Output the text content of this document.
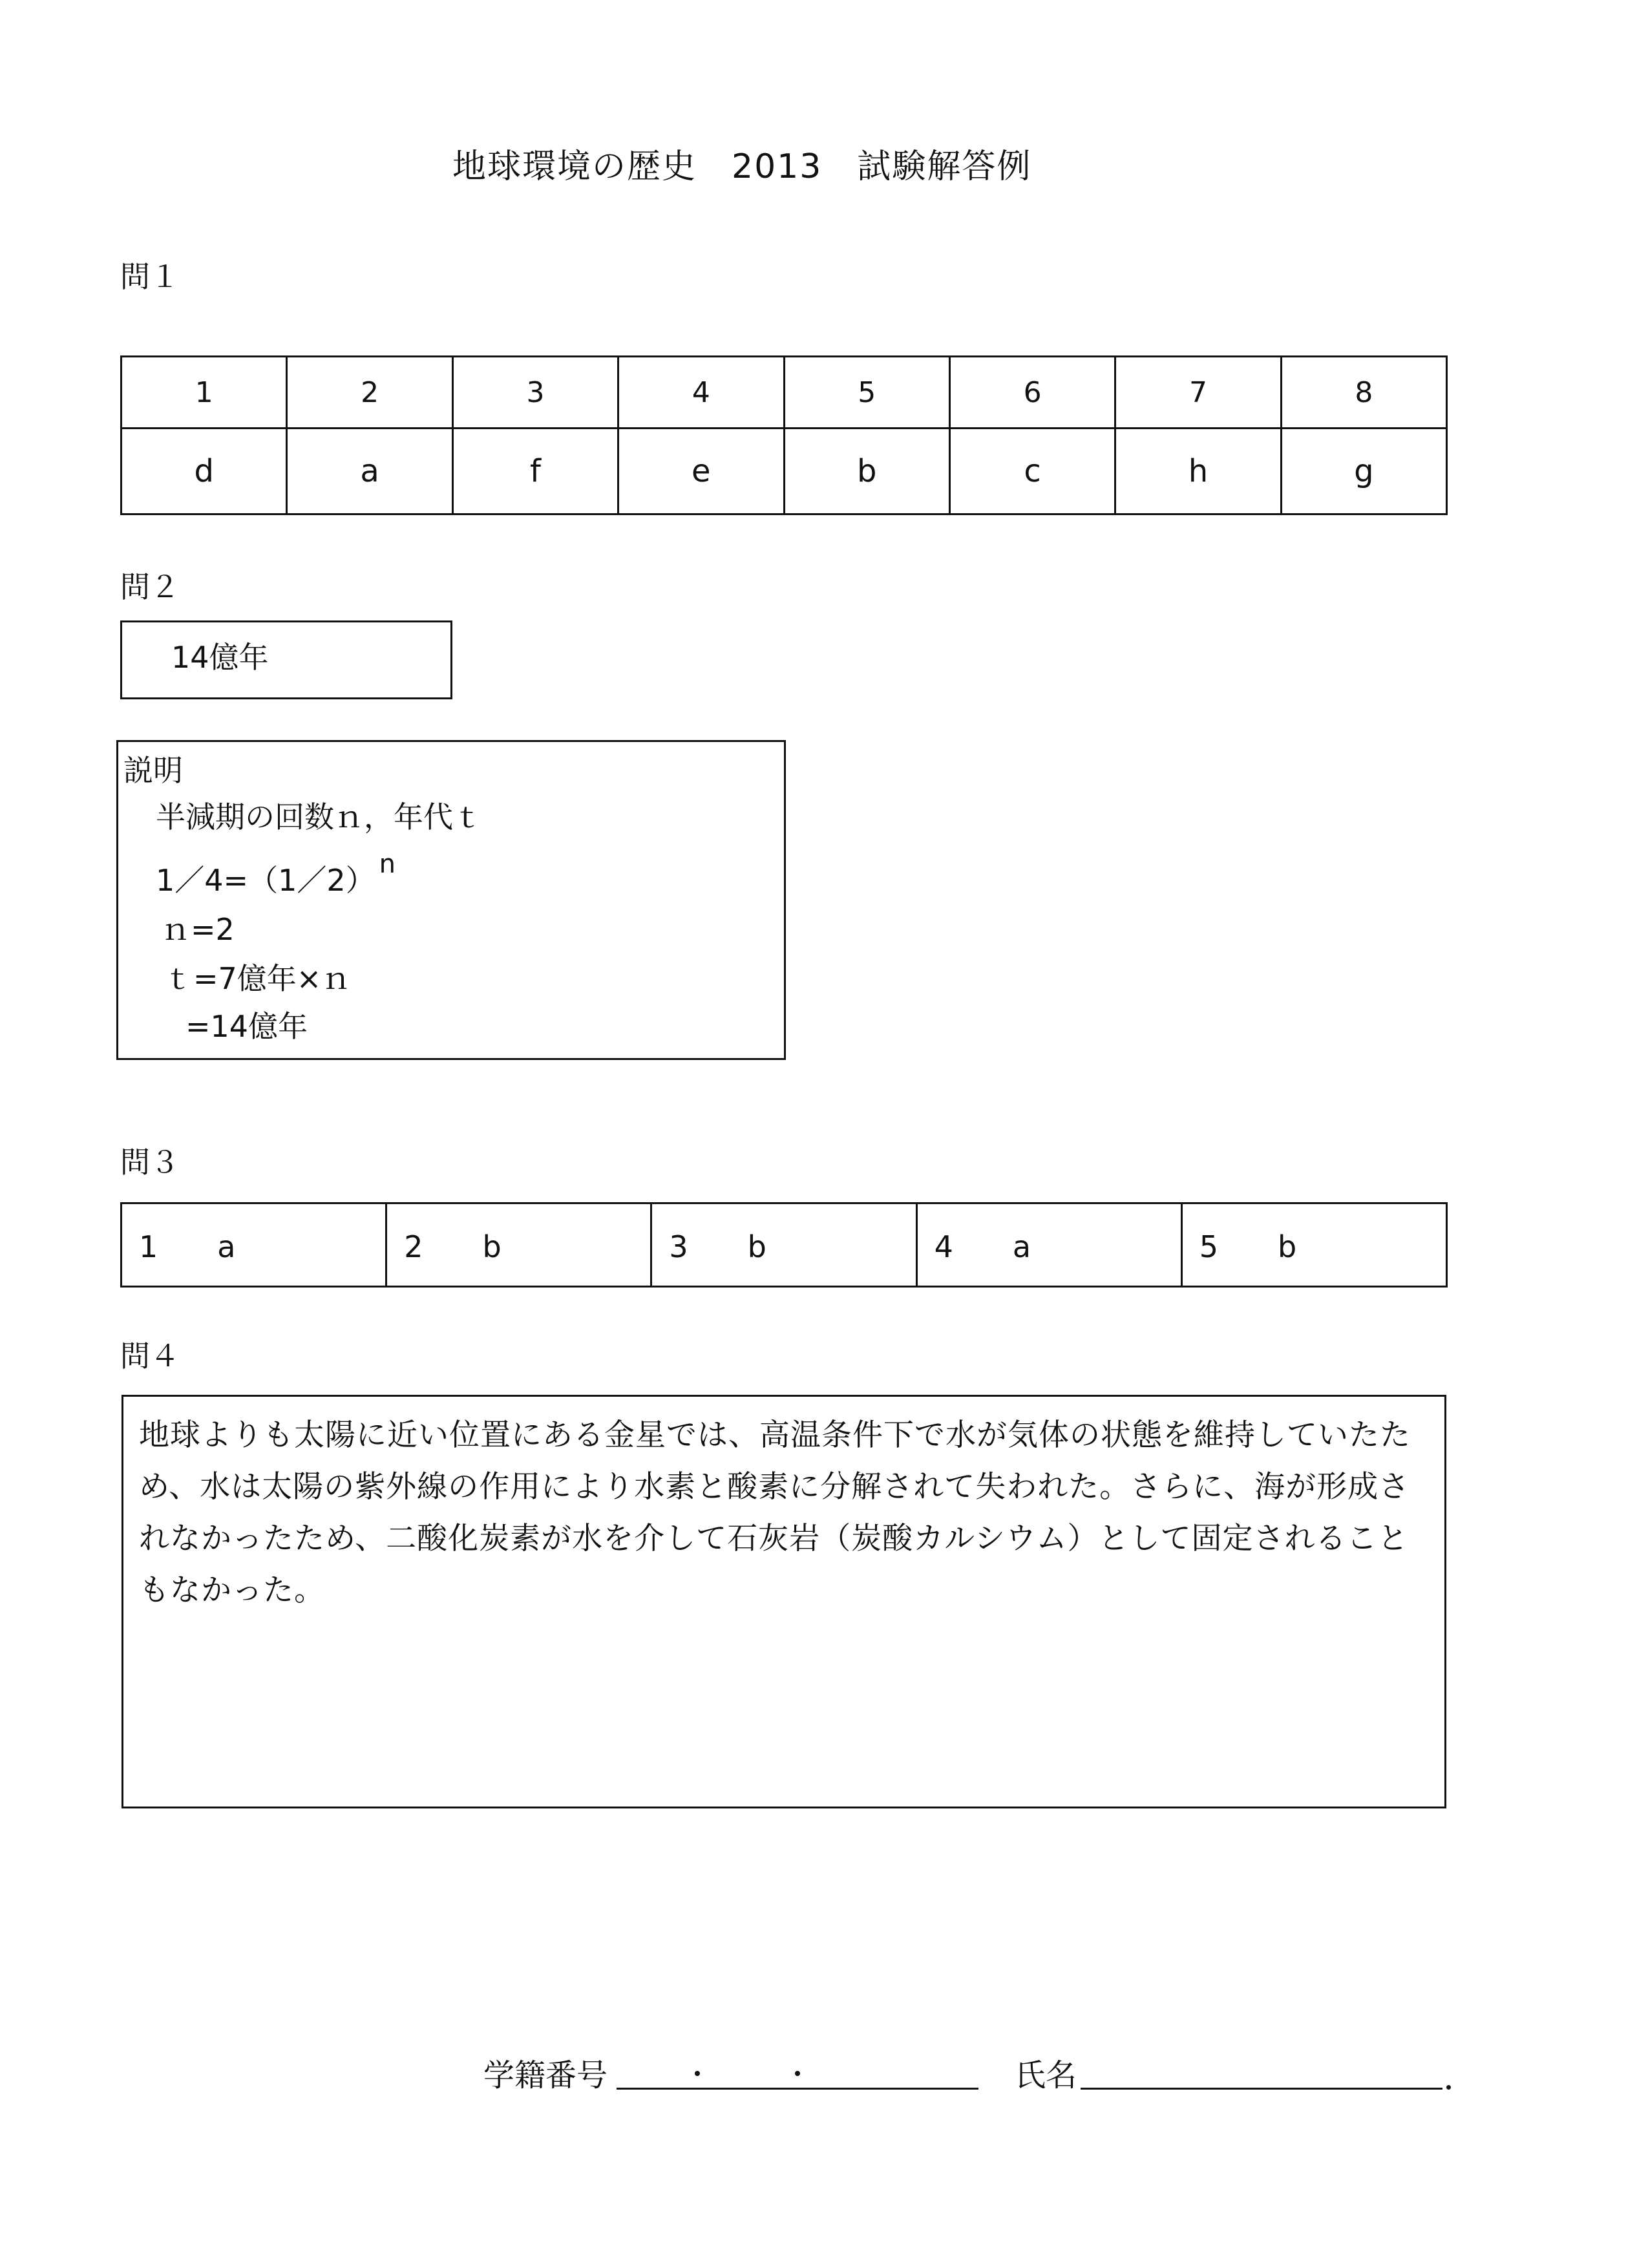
地球環境の歴史　2013　試験解答例
問１
1	2	3	4	5	6	7	8
d	a	f	e	b	c	h	g
問２
14億年
説明
半減期の回数ｎ，年代ｔ
1／4=（1／2） n
ｎ=2
ｔ=7億年×ｎ
=14億年
問３
1　　a	2　　b	3　　b	4　　a	5　　b
問４
地球よりも太陽に近い位置にある金星では、高温条件下で水が気体の状態を維持していたため、水は太陽の紫外線の作用により水素と酸素に分解されて失われた。さらに、海が形成されなかったため、二酸化炭素が水を介して石灰岩（炭酸カルシウム）として固定されることもなかった。
学籍番号	氏名
